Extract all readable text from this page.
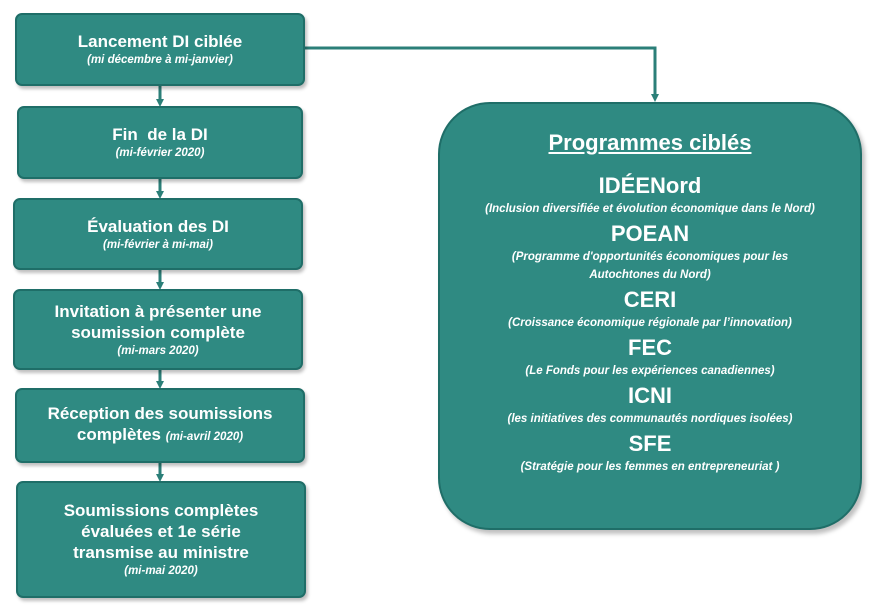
Lancement DI ciblée
(mi décembre à mi-janvier)
Fin  de la DI
(mi-février 2020)
Évaluation des DI
(mi-février à mi-mai)
Invitation à présenter une
soumission complète
(mi-mars 2020)
Réception des soumissions
complètes (mi-avril 2020)
Soumissions complètes
évaluées et 1e série
transmise au ministre
(mi-mai 2020)
Programmes ciblés
IDÉENord
(Inclusion diversifiée et évolution économique dans le Nord)
POEAN
(Programme d'opportunités économiques pour les Autochtones du Nord)
CERI
(Croissance économique régionale par l’innovation)
FEC
(Le Fonds pour les expériences canadiennes)
ICNI
(les initiatives des communautés nordiques isolées)
SFE
(Stratégie pour les femmes en entrepreneuriat )
